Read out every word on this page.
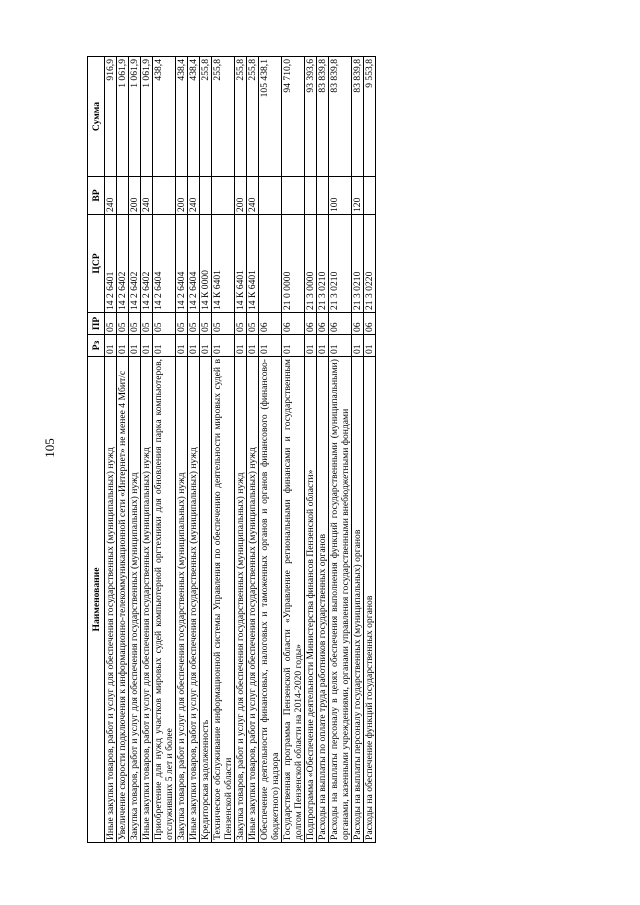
105
Наименование	Рз	ПР	ЦСР	ВР	Сумма
Иные закупки товаров, работ и услуг для обеспечения государственных (муниципальных) нужд	01	05	14 2 6401	240	916,9
Увеличение скорости подключения к информационно-телекоммуникационной сети «Интернет» не менее 4 Мбит/с	01	05	14 2 6402		1 061,9
Закупка товаров, работ и услуг для обеспечения государственных (муниципальных) нужд	01	05	14 2 6402	200	1 061,9
Иные закупки товаров, работ и услуг для обеспечения государственных (муниципальных) нужд	01	05	14 2 6402	240	1 061,9
Приобретение для нужд участков мировых судей компьютерной оргтехники для обновления парка компьютеров, отслуживших 5 лет и более	01	05	14 2 6404		438,4
Закупка товаров, работ и услуг для обеспечения государственных (муниципальных) нужд	01	05	14 2 6404	200	438,4
Иные закупки товаров, работ и услуг для обеспечения государственных (муниципальных) нужд	01	05	14 2 6404	240	438,4
Кредиторская задолженность	01	05	14 К 0000		255,8
Техническое обслуживание информационной системы Управления по обеспечению деятельности мировых судей в Пензенской области	01	05	14 К 6401		255,8
Закупка товаров, работ и услуг для обеспечения государственных (муниципальных) нужд	01	05	14 К 6401	200	255,8
Иные закупки товаров, работ и услуг для обеспечения государственных (муниципальных) нужд	01	05	14 К 6401	240	255,8
Обеспечение деятельности финансовых, налоговых и таможенных органов и органов финансового (финансово-бюджетного) надзора	01	06			105 438,1
Государственная программа Пензенской области «Управление региональными финансами и государственным долгом Пензенской области на 2014-2020 годы»	01	06	21 0 0000		94 710,0
Подпрограмма «Обеспечение деятельности Министерства финансов Пензенской области»	01	06	21 3 0000		93 393,6
Расходы на выплаты по оплате труда работников государственных органов	01	06	21 3 0210		83 839,8
Расходы на выплаты персоналу в целях обеспечения выполнения функций государственными (муниципальными) органами, казенными учреждениями, органами управления государственными внебюджетными фондами	01	06	21 3 0210	100	83 839,8
Расходы на выплаты персоналу государственных (муниципальных) органов	01	06	21 3 0210	120	83 839,8
Расходы на обеспечение функций государственных органов	01	06	21 3 0220		9 553,8
